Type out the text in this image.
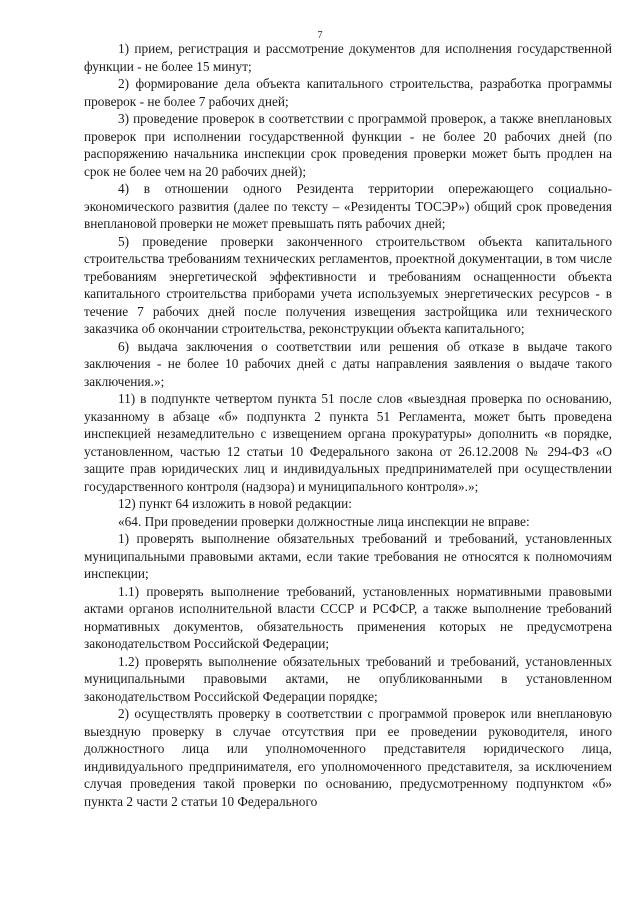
7

1) прием, регистрация и рассмотрение документов для исполнения государственной функции - не более 15 минут;

2) формирование дела объекта капитального строительства, разработка программы проверок - не более 7 рабочих дней;

3) проведение проверок в соответствии с программой проверок, а также внеплановых проверок при исполнении государственной функции - не более 20 рабочих дней (по распоряжению начальника инспекции срок проведения проверки может быть продлен на срок не более чем на 20 рабочих дней);

4) в отношении одного Резидента территории опережающего социально-экономического развития (далее по тексту – «Резиденты ТОСЭР») общий срок проведения внеплановой проверки не может превышать пять рабочих дней;

5) проведение проверки законченного строительством объекта капитального строительства требованиям технических регламентов, проектной документации, в том числе требованиям энергетической эффективности и требованиям оснащенности объекта капитального строительства приборами учета используемых энергетических ресурсов - в течение 7 рабочих дней после получения извещения застройщика или технического заказчика об окончании строительства, реконструкции объекта капитального;

6) выдача заключения о соответствии или решения об отказе в выдаче такого заключения - не более 10 рабочих дней с даты направления заявления о выдаче такого заключения.»;

11) в подпункте четвертом пункта 51 после слов «выездная проверка по основанию, указанному в абзаце «б» подпункта 2 пункта 51 Регламента, может быть проведена инспекцией незамедлительно с извещением органа прокуратуры» дополнить «в порядке, установленном, частью 12 статьи 10 Федерального закона от 26.12.2008 № 294-ФЗ «О защите прав юридических лиц и индивидуальных предпринимателей при осуществлении государственного контроля (надзора) и муниципального контроля».»;

12) пункт 64 изложить в новой редакции:

«64. При проведении проверки должностные лица инспекции не вправе:

1) проверять выполнение обязательных требований и требований, установленных муниципальными правовыми актами, если такие требования не относятся к полномочиям инспекции;

1.1) проверять выполнение требований, установленных нормативными правовыми актами органов исполнительной власти СССР и РСФСР, а также выполнение требований нормативных документов, обязательность применения которых не предусмотрена законодательством Российской Федерации;

1.2) проверять выполнение обязательных требований и требований, установленных муниципальными правовыми актами, не опубликованными в установленном законодательством Российской Федерации порядке;

2) осуществлять проверку в соответствии с программой проверок или внеплановую выездную проверку в случае отсутствия при ее проведении руководителя, иного должностного лица или уполномоченного представителя юридического лица, индивидуального предпринимателя, его уполномоченного представителя, за исключением случая проведения такой проверки по основанию, предусмотренному подпунктом «б» пункта 2 части 2 статьи 10 Федерального
